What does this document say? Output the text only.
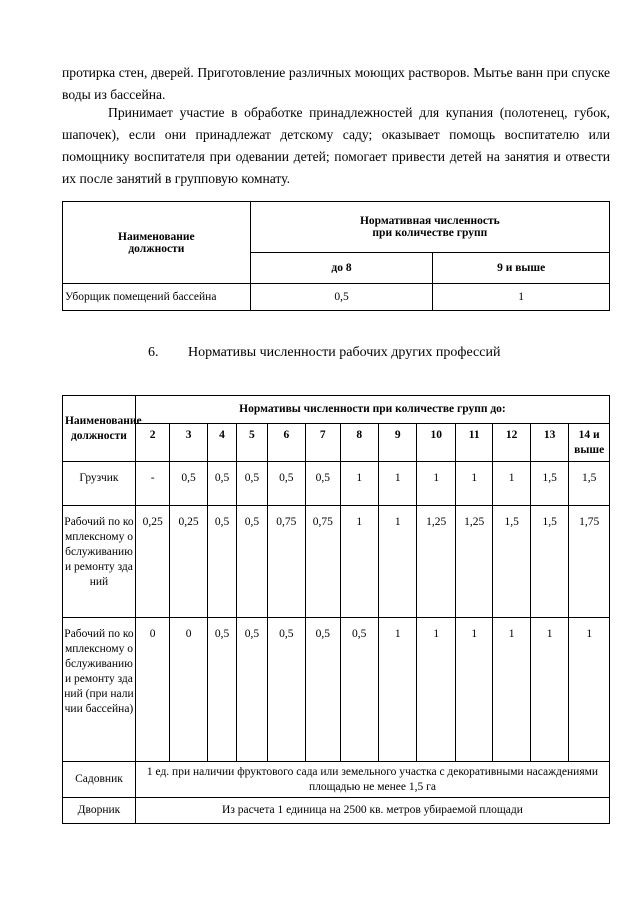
протирка стен, дверей. Приготовление различных моющих растворов. Мытье ванн при спуске воды из бассейна.

Принимает участие в обработке принадлежностей для купания (полотенец, губок, шапочек), если они принадлежат детскому саду; оказывает помощь воспитателю или помощнику воспитателя при одевании детей; помогает привести детей на занятия и отвести их после занятий в групповую комнату.

Наименование должности	Нормативная численность при количестве групп	

	до 8	9 и выше
Уборщик помещений бассейна	0,5	1

6. Нормативы численности рабочих других профессий

Наименование должности	Нормативы численности при количестве групп до:												
	2	3	4	5	6	7	8	9	10	11	12	13	14 и выше
Грузчик	-	0,5	0,5	0,5	0,5	0,5	1	1	1	1	1	1,5	1,5

Рабочий по комплексному обслуживанию и ремонту зданий	0,25	0,25	0,5	0,5	0,75	0,75	1	1	1,25	1,25	1,5	1,5	1,75

Рабочий по комплексному обслуживанию и ремонту зданий (при наличии бассейна)	0	0	0,5	0,5	0,5	0,5	0,5	1	1	1	1	1	1
Садовник	1 ед. при наличии фруктового сада или земельного участка с декоративными насаждениями площадью не менее 1,5 га												
Дворник	Из расчета 1 единица на 2500 кв. метров убираемой площади												
